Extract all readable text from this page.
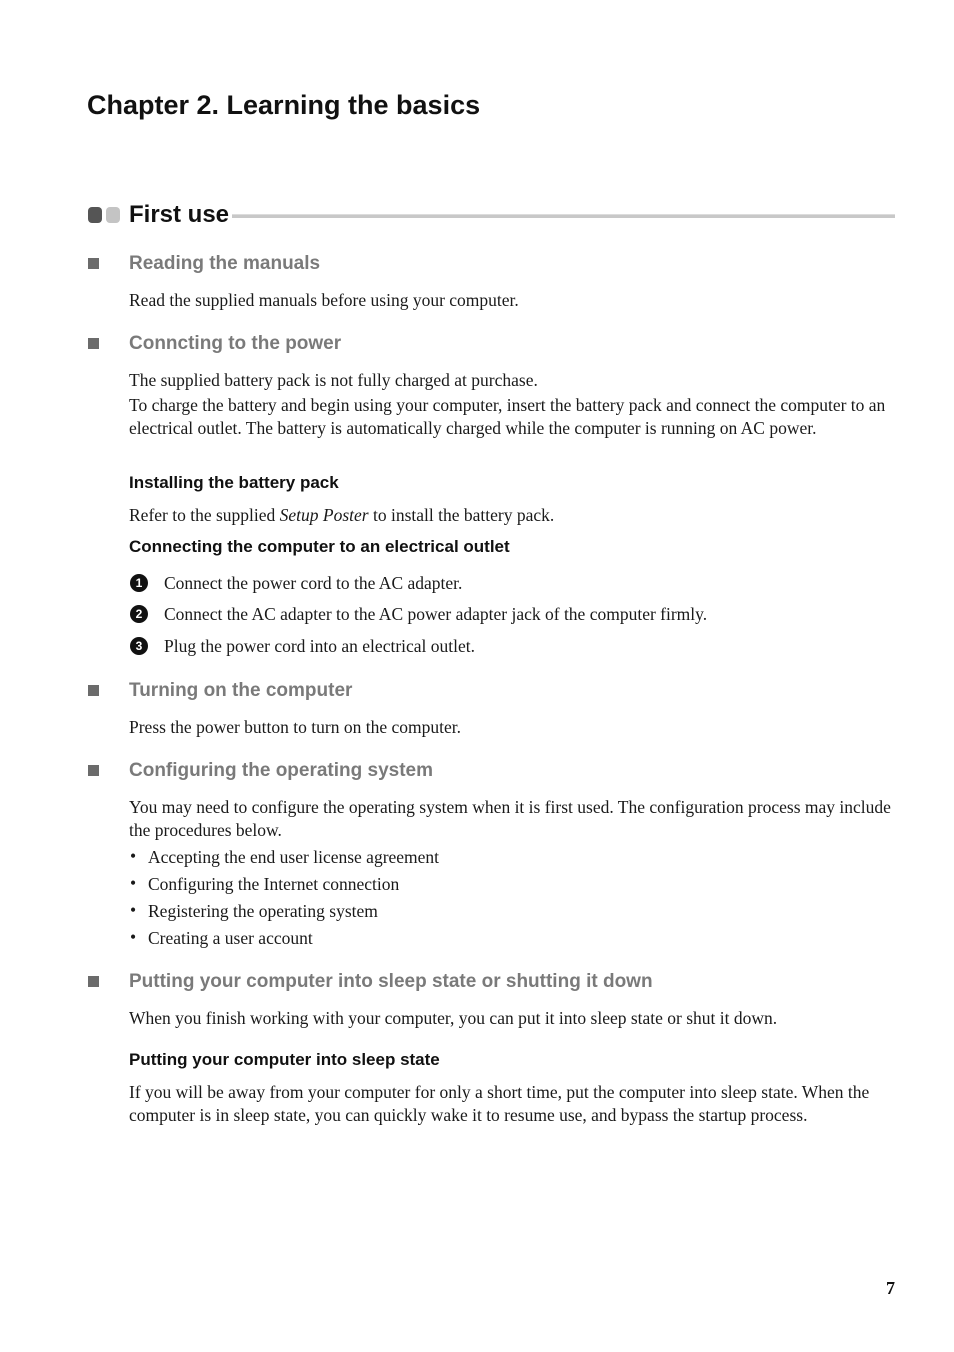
Chapter 2. Learning the basics
First use
Reading the manuals
Read the supplied manuals before using your computer.
Conncting to the power
The supplied battery pack is not fully charged at purchase.
To charge the battery and begin using your computer, insert the battery pack and connect the computer to an electrical outlet. The battery is automatically charged while the computer is running on AC power.
Installing the battery pack
Refer to the supplied Setup Poster to install the battery pack.
Connecting the computer to an electrical outlet
1	Connect the power cord to the AC adapter.
2	Connect the AC adapter to the AC power adapter jack of the computer firmly.
3	Plug the power cord into an electrical outlet.
Turning on the computer
Press the power button to turn on the computer.
Configuring the operating system
You may need to configure the operating system when it is first used. The configuration process may include the procedures below.
• Accepting the end user license agreement
• Configuring the Internet connection
• Registering the operating system
• Creating a user account
Putting your computer into sleep state or shutting it down
When you finish working with your computer, you can put it into sleep state or shut it down.
Putting your computer into sleep state
If you will be away from your computer for only a short time, put the computer into sleep state. When the computer is in sleep state, you can quickly wake it to resume use, and bypass the startup process.
7
